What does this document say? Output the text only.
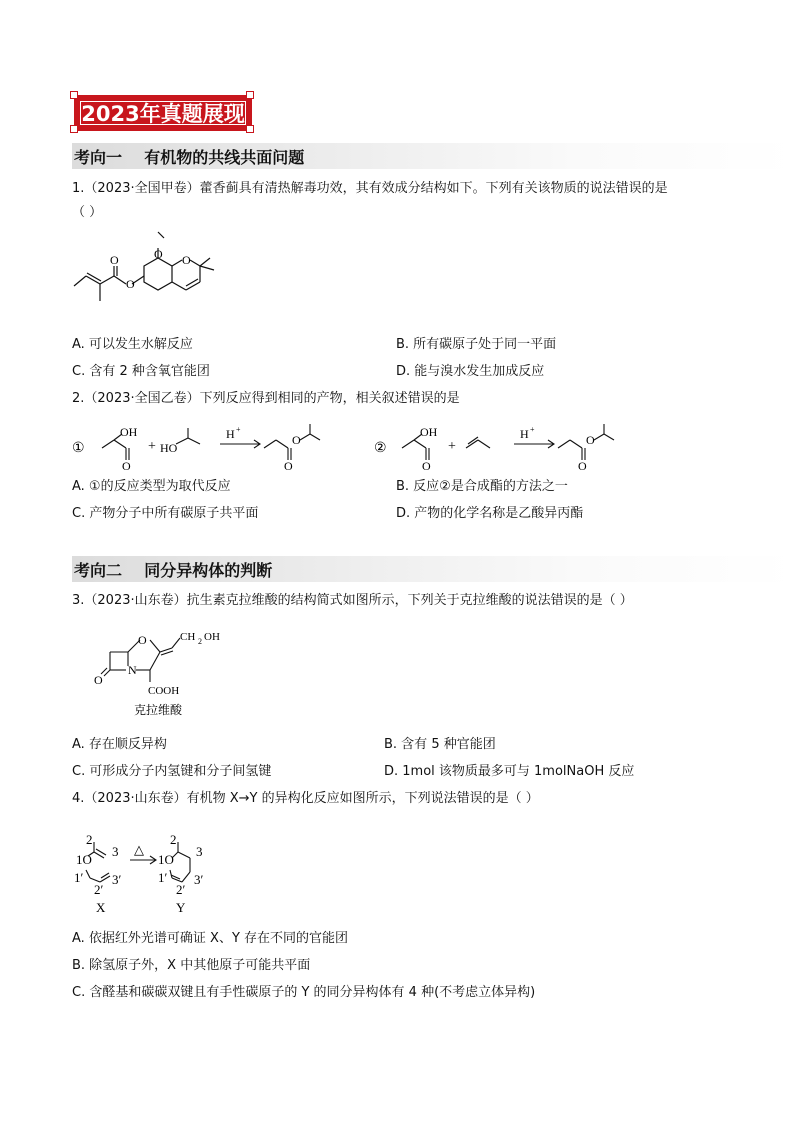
2023年真题展现
考向一    有机物的共线共面问题
1.（2023·全国甲卷）藿香蓟具有清热解毒功效，其有效成分结构如下。下列有关该物质的说法错误的是
（ ）
O
O
O O
A. 可以发生水解反应	B. 所有碳原子处于同一平面
C. 含有 2 种含氧官能团	D. 能与溴水发生加成反应
2.（2023·全国乙卷）下列反应得到相同的产物，相关叙述错误的是
①
OH
O
+ HO
H +
O
O
②
OH
O
+
H +
O
O
A. ①的反应类型为取代反应	B. 反应②是合成酯的方法之一
C. 产物分子中所有碳原子共平面	D. 产物的化学名称是乙酸异丙酯
考向二    同分异构体的判断
3.（2023·山东卷）抗生素克拉维酸的结构简式如图所示，下列关于克拉维酸的说法错误的是（ ）
O
N
O
CH 2 OH
COOH
克拉维酸
A. 存在顺反异构	B. 含有 5 种官能团
C. 可形成分子内氢键和分子间氢键	D. 1mol 该物质最多可与 1molNaOH 反应
4.（2023·山东卷）有机物 X→Y 的异构化反应如图所示，下列说法错误的是（ ）
2
1O
3
1′
2′
3′
X
△
2
1O
3
1′
2′
3′
Y
A. 依据红外光谱可确证 X、Y 存在不同的官能团
B. 除氢原子外，X 中其他原子可能共平面
C. 含醛基和碳碳双键且有手性碳原子的 Y 的同分异构体有 4 种(不考虑立体异构)
